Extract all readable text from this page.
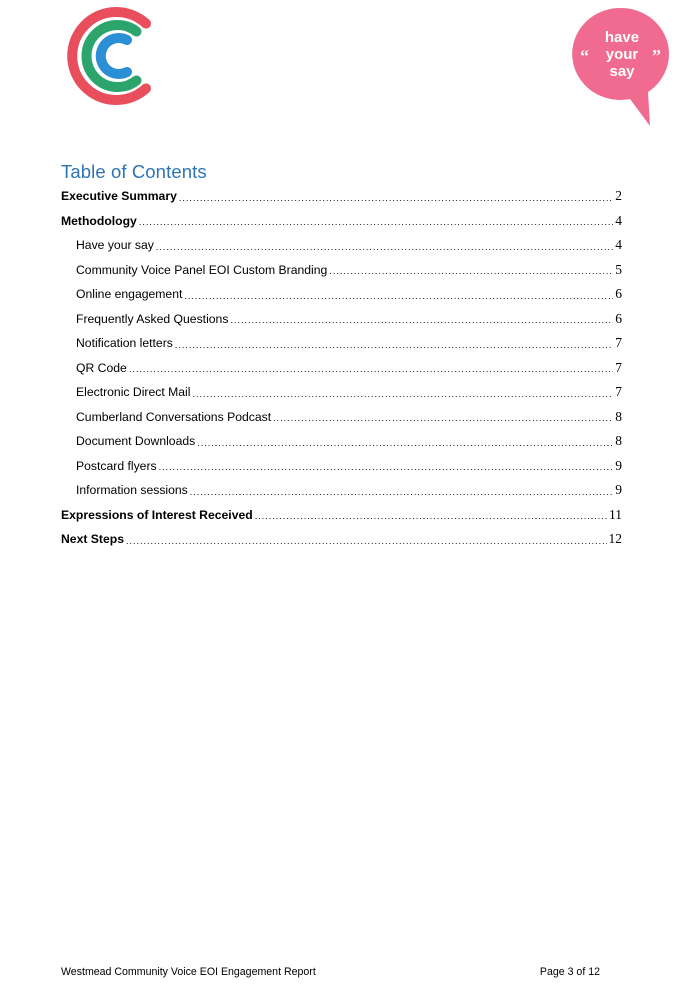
“	”
have
your
say
Table of Contents
Executive Summary .....	2
Methodology .....	4
Have your say .....	4
Community Voice Panel EOI Custom Branding .....	5
Online engagement .....	6
Frequently Asked Questions .....	6
Notification letters .....	7
QR Code .....	7
Electronic Direct Mail .....	7
Cumberland Conversations Podcast .....	8
Document Downloads .....	8
Postcard flyers .....	9
Information sessions .....	9
Expressions of Interest Received .....	11
Next Steps .....	12
Westmead Community Voice EOI Engagement Report	Page 3 of 12
